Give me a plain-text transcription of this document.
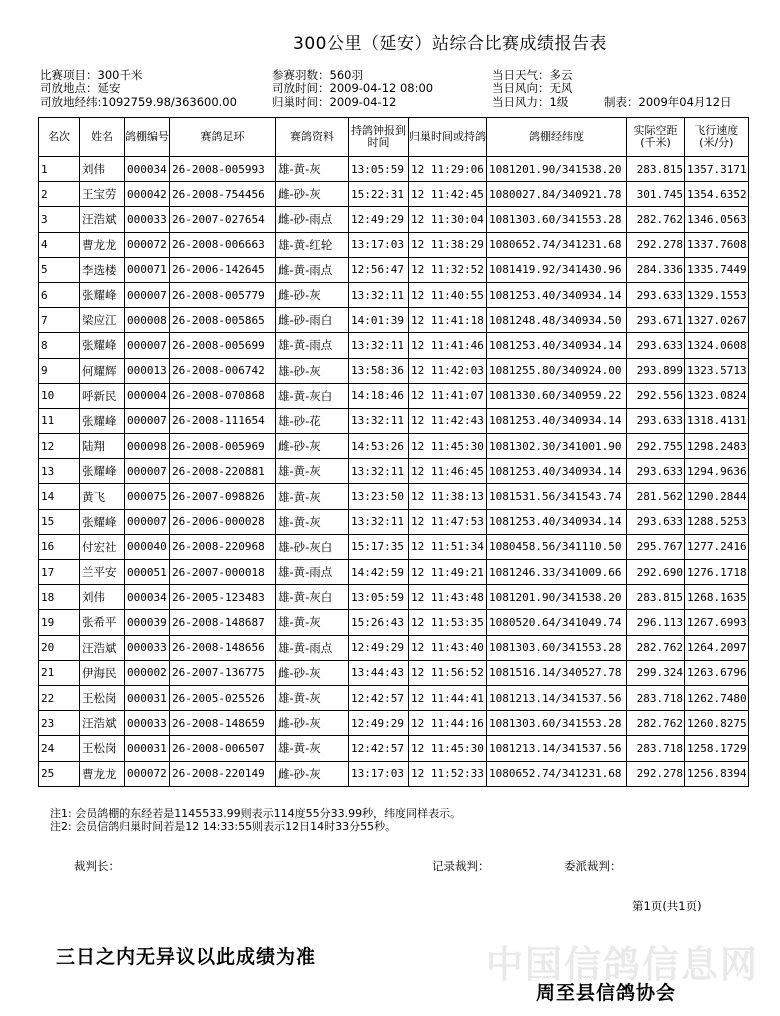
300公里（延安）站综合比赛成绩报告表
比赛项目：300千米	参赛羽数：560羽	当日天气：多云
司放地点：延安	司放时间：2009-04-12 08:00	当日风向：无风
司放地经纬:1092759.98/363600.00	归巢时间：2009-04-12	当日风力：1级	制表：2009年04月12日
名次	姓名	鸽棚编号	赛鸽足环	赛鸽资料	持鸽钟报到时间	归巢时间或持鸽	鸽棚经纬度	实际空距(千米)	飞行速度(米/分)
1	刘伟	000034	26-2008-005993	雄-黄-灰	13:05:59	12 11:29:06	1081201.90/341538.20	283.815	1357.3171
2	王宝劳	000042	26-2008-754456	雌-砂-灰	15:22:31	12 11:42:45	1080027.84/340921.78	301.745	1354.6352
3	汪浩斌	000033	26-2007-027654	雌-砂-雨点	12:49:29	12 11:30:04	1081303.60/341553.28	282.762	1346.0563
4	曹龙龙	000072	26-2008-006663	雄-黄-红轮	13:17:03	12 11:38:29	1080652.74/341231.68	292.278	1337.7608
5	李选楼	000071	26-2006-142645	雌-黄-雨点	12:56:47	12 11:32:52	1081419.92/341430.96	284.336	1335.7449
6	张耀峰	000007	26-2008-005779	雌-砂-灰	13:32:11	12 11:40:55	1081253.40/340934.14	293.633	1329.1553
7	梁应江	000008	26-2008-005865	雌-砂-雨白	14:01:39	12 11:41:18	1081248.48/340934.50	293.671	1327.0267
8	张耀峰	000007	26-2008-005699	雄-黄-雨点	13:32:11	12 11:41:46	1081253.40/340934.14	293.633	1324.0608
9	何耀辉	000013	26-2008-006742	雄-砂-灰	13:58:36	12 11:42:03	1081255.80/340924.00	293.899	1323.5713
10	呼新民	000004	26-2008-070868	雄-黄-灰白	14:18:46	12 11:41:07	1081330.60/340959.22	292.556	1323.0824
11	张耀峰	000007	26-2008-111654	雄-砂-花	13:32:11	12 11:42:43	1081253.40/340934.14	293.633	1318.4131
12	陆翔	000098	26-2008-005969	雌-砂-灰	14:53:26	12 11:45:30	1081302.30/341001.90	292.755	1298.2483
13	张耀峰	000007	26-2008-220881	雄-黄-灰	13:32:11	12 11:46:45	1081253.40/340934.14	293.633	1294.9636
14	黄飞	000075	26-2007-098826	雄-黄-灰	13:23:50	12 11:38:13	1081531.56/341543.74	281.562	1290.2844
15	张耀峰	000007	26-2006-000028	雄-黄-灰	13:32:11	12 11:47:53	1081253.40/340934.14	293.633	1288.5253
16	付宏社	000040	26-2008-220968	雄-砂-灰白	15:17:35	12 11:51:34	1080458.56/341110.50	295.767	1277.2416
17	兰平安	000051	26-2007-000018	雄-黄-雨点	14:42:59	12 11:49:21	1081246.33/341009.66	292.690	1276.1718
18	刘伟	000034	26-2005-123483	雄-黄-灰白	13:05:59	12 11:43:48	1081201.90/341538.20	283.815	1268.1635
19	张希平	000039	26-2008-148687	雄-黄-灰	15:26:43	12 11:53:35	1080520.64/341049.74	296.113	1267.6993
20	汪浩斌	000033	26-2008-148656	雄-黄-雨点	12:49:29	12 11:43:40	1081303.60/341553.28	282.762	1264.2097
21	伊海民	000002	26-2007-136775	雌-砂-灰	13:44:43	12 11:56:52	1081516.14/340527.78	299.324	1263.6796
22	王松岗	000031	26-2005-025526	雄-黄-灰	12:42:57	12 11:44:41	1081213.14/341537.56	283.718	1262.7480
23	汪浩斌	000033	26-2008-148659	雌-砂-灰	12:49:29	12 11:44:16	1081303.60/341553.28	282.762	1260.8275
24	王松岗	000031	26-2008-006507	雄-黄-灰	12:42:57	12 11:45:30	1081213.14/341537.56	283.718	1258.1729
25	曹龙龙	000072	26-2008-220149	雌-砂-灰	13:17:03	12 11:52:33	1080652.74/341231.68	292.278	1256.8394
注1: 会员鸽棚的东经若是1145533.99则表示114度55分33.99秒，纬度同样表示。
注2: 会员信鸽归巢时间若是12 14:33:55则表示12日14时33分55秒。
裁判长：	记录裁判：	委派裁判：
第1页(共1页)
中国信鸽信息网
三日之内无异议以此成绩为准
周至县信鸽协会
